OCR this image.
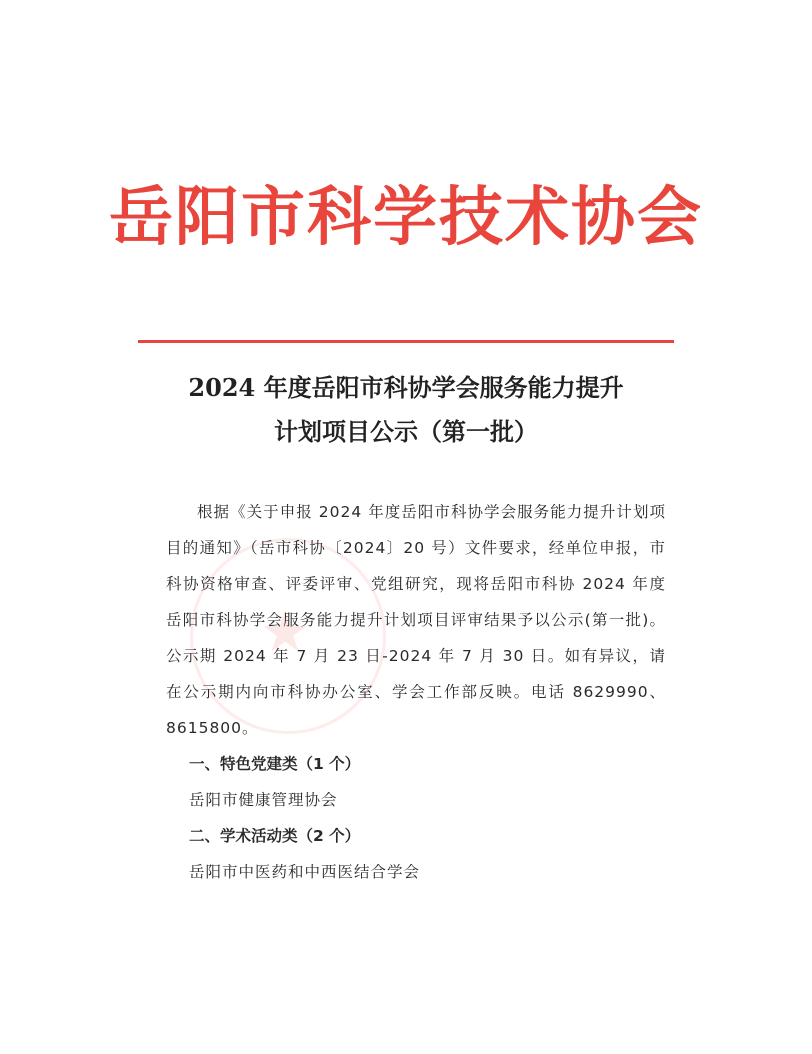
岳阳市科学技术协会
★
2024 年度岳阳市科协学会服务能力提升
计划项目公示（第一批）

根据《关于申报 2024 年度岳阳市科协学会服务能力提升计划项目的通知》（岳市科协〔2024〕20 号）文件要求，经单位申报，市科协资格审查、评委评审、党组研究，现将岳阳市科协 2024 年度岳阳市科协学会服务能力提升计划项目评审结果予以公示(第一批)。公示期 2024 年 7 月 23 日-2024 年 7 月 30 日。如有异议，请在公示期内向市科协办公室、学会工作部反映。电话 8629990、8615800。

一、特色党建类（1 个）

岳阳市健康管理协会

二、学术活动类（2 个）

岳阳市中医药和中西医结合学会
